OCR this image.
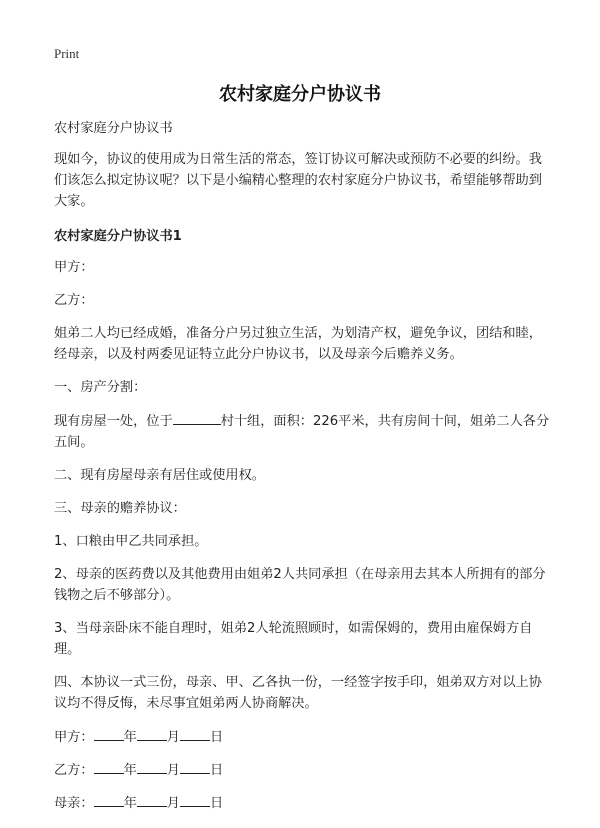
Print
农村家庭分户协议书

农村家庭分户协议书

现如今，协议的使用成为日常生活的常态，签订协议可解决或预防不必要的纠纷。我们该怎么拟定协议呢？以下是小编精心整理的农村家庭分户协议书，希望能够帮助到大家。

农村家庭分户协议书1

甲方：

乙方：

姐弟二人均已经成婚，准备分户另过独立生活，为划清产权，避免争议，团结和睦，经母亲，以及村两委见证特立此分户协议书，以及母亲今后赡养义务。

一、房产分割：

现有房屋一处，位于	村十组，面积：226平米，共有房间十间，姐弟二人各分五间。

二、现有房屋母亲有居住或使用权。

三、母亲的赡养协议：

1、口粮由甲乙共同承担。

2、母亲的医药费以及其他费用由姐弟2人共同承担（在母亲用去其本人所拥有的部分钱物之后不够部分）。

3、当母亲卧床不能自理时，姐弟2人轮流照顾时，如需保姆的，费用由雇保姆方自理。

四、本协议一式三份，母亲、甲、乙各执一份，一经签字按手印，姐弟双方对以上协议均不得反悔，未尽事宜姐弟两人协商解决。

甲方： 年 月 日

乙方： 年 月 日

母亲： 年 月 日
